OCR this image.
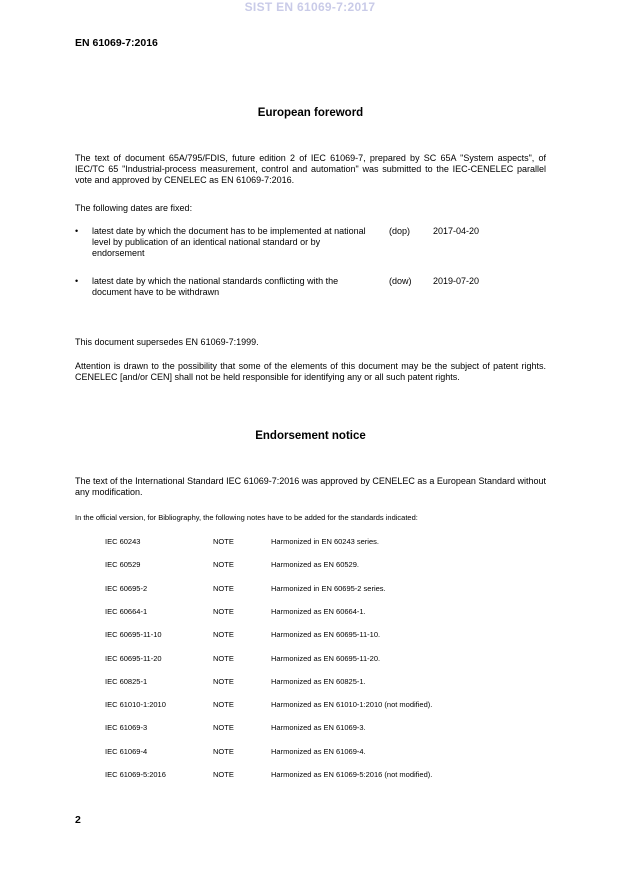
SIST EN 61069-7:2017
EN 61069-7:2016
European foreword
The text of document 65A/795/FDIS, future edition 2 of IEC 61069-7, prepared by SC 65A "System aspects", of IEC/TC 65 "Industrial-process measurement, control and automation" was submitted to the IEC-CENELEC parallel vote and approved by CENELEC as EN 61069-7:2016.
The following dates are fixed:
• latest date by which the document has to be implemented at national level by publication of an identical national standard or by endorsement
(dop)	2017-04-20
• latest date by which the national standards conflicting with the document have to be withdrawn
(dow) 2019-07-20
This document supersedes EN 61069-7:1999.
Attention is drawn to the possibility that some of the elements of this document may be the subject of patent rights. CENELEC [and/or CEN] shall not be held responsible for identifying any or all such patent rights.
Endorsement notice
The text of the International Standard IEC 61069-7:2016 was approved by CENELEC as a European Standard without any modification.
In the official version, for Bibliography, the following notes have to be added for the standards indicated:
IEC 60243	NOTE	Harmonized in EN 60243 series.
IEC 60529	NOTE	Harmonized as EN 60529.
IEC 60695-2	NOTE	Harmonized in EN 60695-2 series.
IEC 60664-1	NOTE	Harmonized as EN 60664-1.
IEC 60695-11-10	NOTE	Harmonized as EN 60695-11-10.
IEC 60695-11-20	NOTE	Harmonized as EN 60695-11-20.
IEC 60825-1	NOTE	Harmonized as EN 60825-1.
IEC 61010-1:2010	NOTE	Harmonized as EN 61010-1:2010 (not modified).
IEC 61069-3	NOTE	Harmonized as EN 61069-3.
IEC 61069-4	NOTE	Harmonized as EN 61069-4.
IEC 61069-5:2016	NOTE	Harmonized as EN 61069-5:2016 (not modified).
2
